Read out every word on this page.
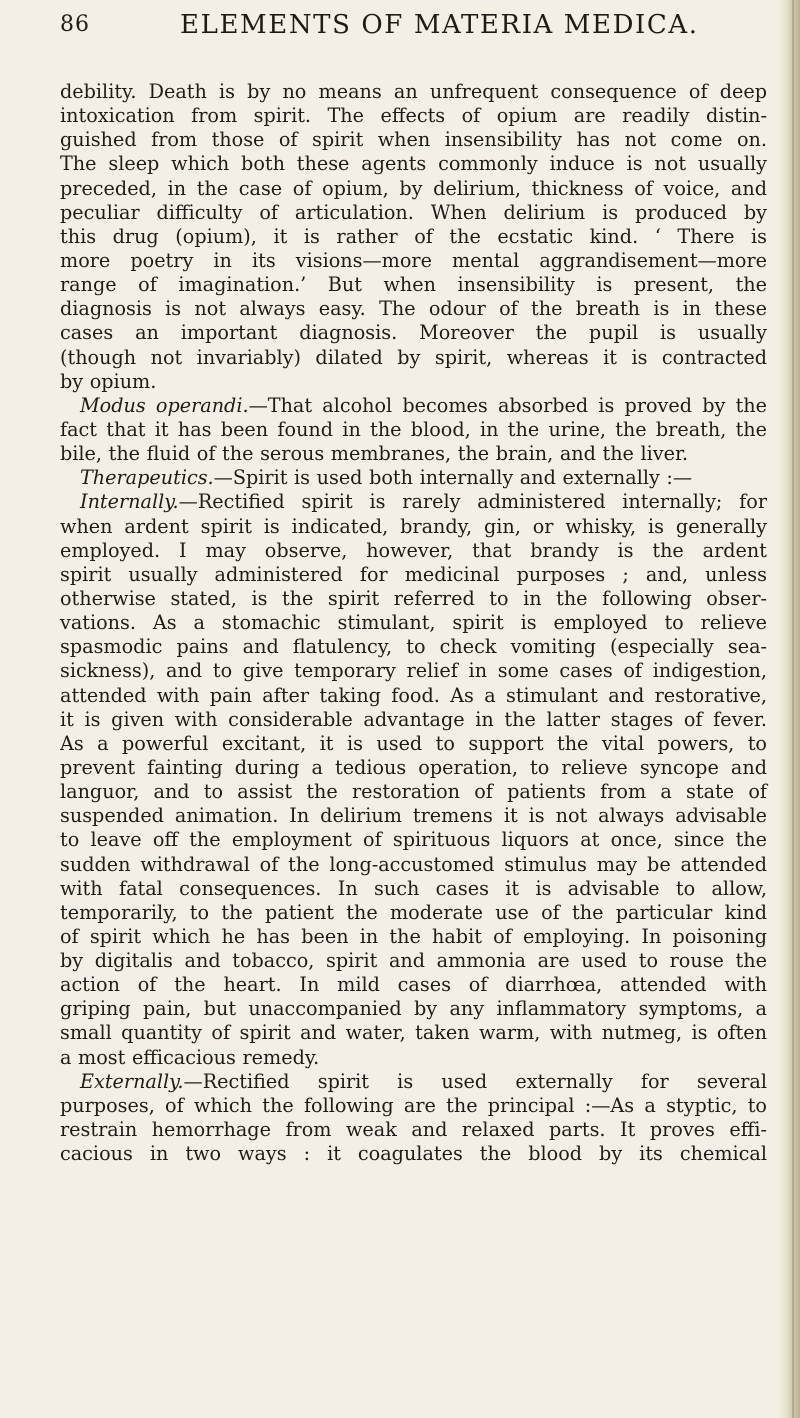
86	ELEMENTS OF MATERIA MEDICA.
debility. Death is by no means an unfrequent consequence of deep
intoxication from spirit. The effects of opium are readily distin-
guished from those of spirit when insensibility has not come on.
The sleep which both these agents commonly induce is not usually
preceded, in the case of opium, by delirium, thickness of voice, and
peculiar difficulty of articulation. When delirium is produced by
this drug (opium), it is rather of the ecstatic kind. ‘ There is
more poetry in its visions—more mental aggrandisement—more
range of imagination.’ But when insensibility is present, the
diagnosis is not always easy. The odour of the breath is in these
cases an important diagnosis. Moreover the pupil is usually
(though not invariably) dilated by spirit, whereas it is contracted
by opium.
Modus operandi.—That alcohol becomes absorbed is proved by the
fact that it has been found in the blood, in the urine, the breath, the
bile, the fluid of the serous membranes, the brain, and the liver.
Therapeutics.—Spirit is used both internally and externally :—
Internally.—Rectified spirit is rarely administered internally; for
when ardent spirit is indicated, brandy, gin, or whisky, is generally
employed. I may observe, however, that brandy is the ardent
spirit usually administered for medicinal purposes ; and, unless
otherwise stated, is the spirit referred to in the following obser-
vations. As a stomachic stimulant, spirit is employed to relieve
spasmodic pains and flatulency, to check vomiting (especially sea-
sickness), and to give temporary relief in some cases of indigestion,
attended with pain after taking food. As a stimulant and restorative,
it is given with considerable advantage in the latter stages of fever.
As a powerful excitant, it is used to support the vital powers, to
prevent fainting during a tedious operation, to relieve syncope and
languor, and to assist the restoration of patients from a state of
suspended animation. In delirium tremens it is not always advisable
to leave off the employment of spirituous liquors at once, since the
sudden withdrawal of the long-accustomed stimulus may be attended
with fatal consequences. In such cases it is advisable to allow,
temporarily, to the patient the moderate use of the particular kind
of spirit which he has been in the habit of employing. In poisoning
by digitalis and tobacco, spirit and ammonia are used to rouse the
action of the heart. In mild cases of diarrhœa, attended with
griping pain, but unaccompanied by any inflammatory symptoms, a
small quantity of spirit and water, taken warm, with nutmeg, is often
a most efficacious remedy.
Externally.—Rectified spirit is used externally for several
purposes, of which the following are the principal :—As a styptic, to
restrain hemorrhage from weak and relaxed parts. It proves effi-
cacious in two ways : it coagulates the blood by its chemical
